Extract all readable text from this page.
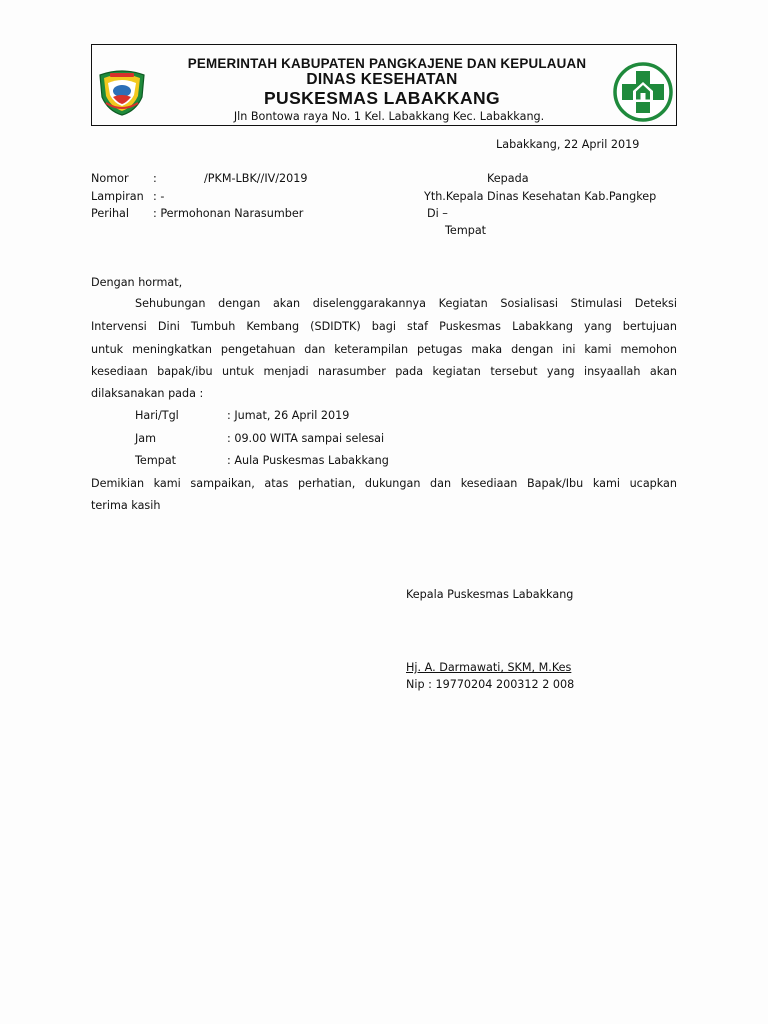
PEMERINTAH KABUPATEN PANGKAJENE DAN KEPULAUAN
DINAS KESEHATAN
PUSKESMAS LABAKKANG
Jln Bontowa raya No. 1 Kel. Labakkang Kec. Labakkang.
Labakkang, 22 April 2019
Nomor :	/PKM-LBK//IV/2019
Lampiran : -
Perihal : Permohonan Narasumber
Kepada
Yth.Kepala Dinas Kesehatan Kab.Pangkep
Di –
Tempat
Dengan hormat,
Sehubungan dengan akan diselenggarakannya Kegiatan Sosialisasi Stimulasi Deteksi
Intervensi Dini Tumbuh Kembang (SDIDTK) bagi staf Puskesmas Labakkang yang bertujuan
untuk meningkatkan pengetahuan dan keterampilan petugas maka dengan ini kami memohon
kesediaan bapak/ibu untuk menjadi narasumber pada kegiatan tersebut yang insyaallah akan
dilaksanakan pada :
Hari/Tgl	: Jumat, 26 April 2019
Jam	: 09.00 WITA sampai selesai
Tempat	: Aula Puskesmas Labakkang
Demikian kami sampaikan, atas perhatian, dukungan dan kesediaan Bapak/Ibu kami ucapkan
terima kasih
Kepala Puskesmas Labakkang
Hj. A. Darmawati, SKM, M.Kes
Nip : 19770204 200312 2 008
